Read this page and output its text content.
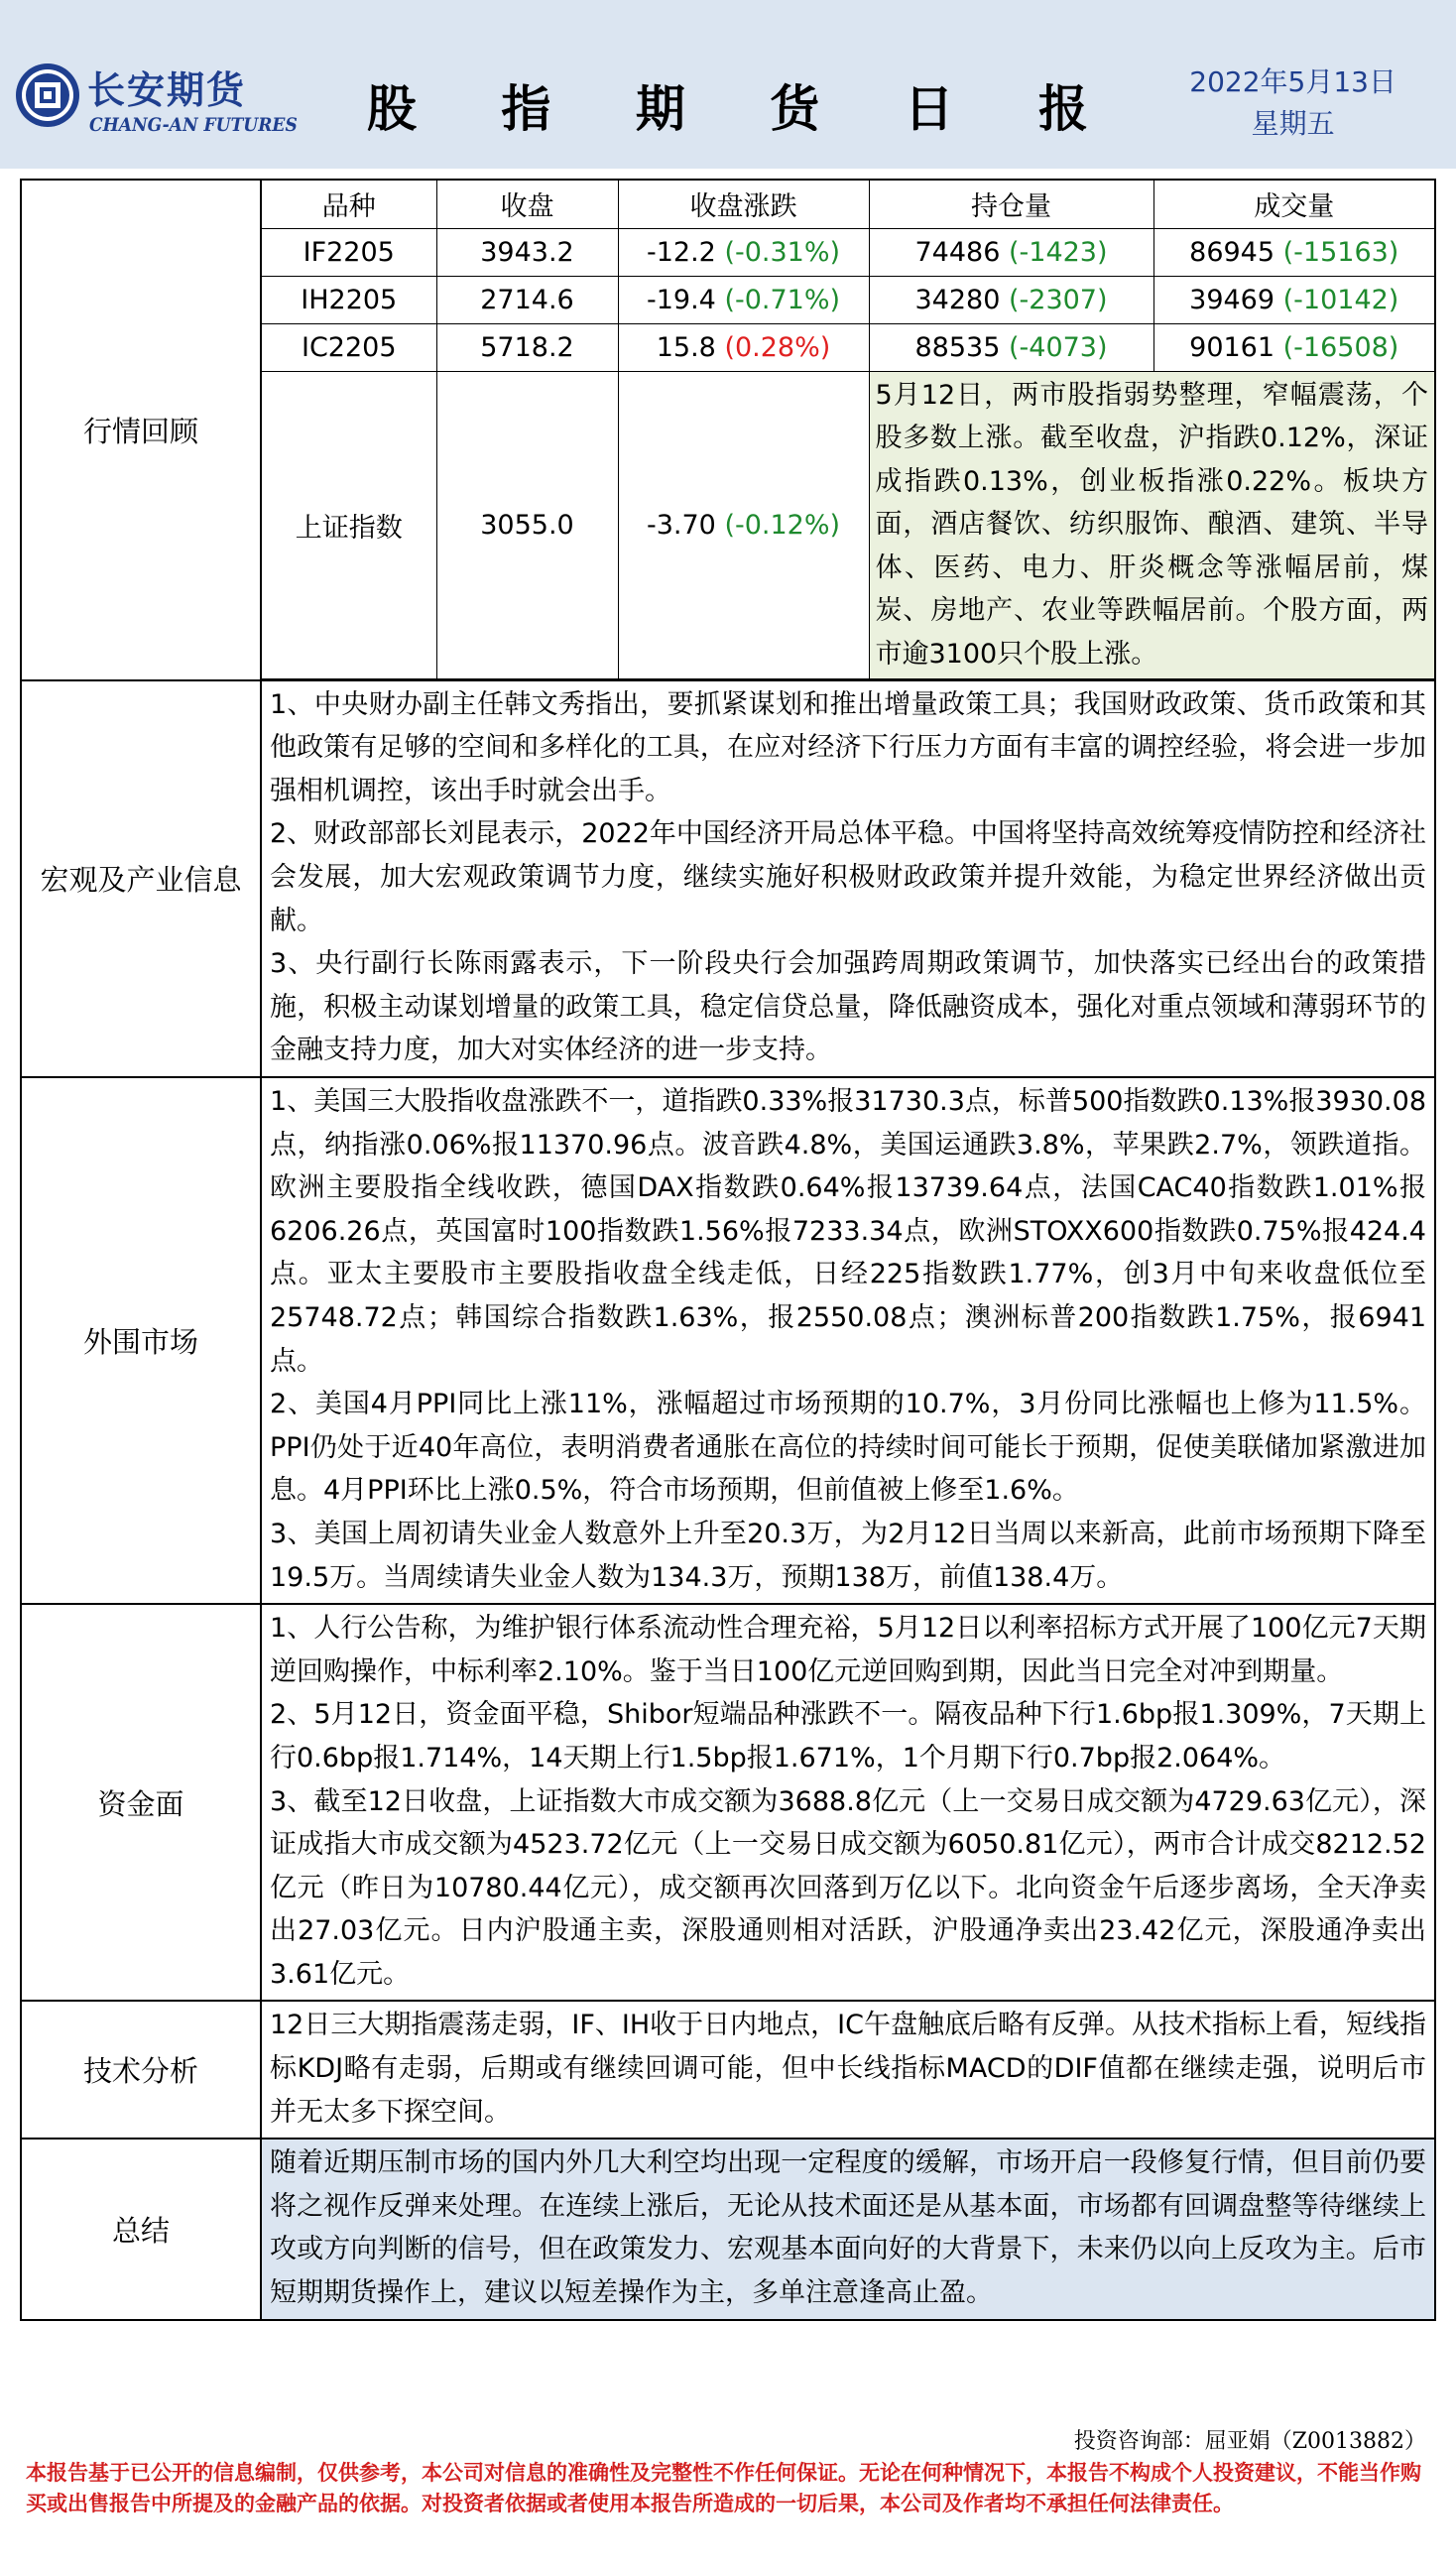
长安期货
CHANG-AN FUTURES 股 指 期 货 日 报 2022年5月13日
星期五
行情回顾
品种	收盘	收盘涨跌	持仓量	成交量
IF2205	3943.2	-12.2 (-0.31%)	74486 (-1423)	86945 (-15163)
IH2205	2714.6	-19.4 (-0.71%)	34280 (-2307)	39469 (-10142)
IC2205	5718.2	15.8 (0.28%)	88535 (-4073)	90161 (-16508)
上证指数	3055.0	-3.70 (-0.12%)	5月12日，两市股指弱势整理，窄幅震荡，个股多数上涨。截至收盘，沪指跌0.12%，深证成指跌0.13%，创业板指涨0.22%。板块方面，酒店餐饮、纺织服饰、酿酒、建筑、半导体、医药、电力、肝炎概念等涨幅居前，煤炭、房地产、农业等跌幅居前。个股方面，两市逾3100只个股上涨。	
宏观及产业信息

1、中央财办副主任韩文秀指出，要抓紧谋划和推出增量政策工具；我国财政政策、货币政策和其他政策有足够的空间和多样化的工具，在应对经济下行压力方面有丰富的调控经验，将会进一步加强相机调控，该出手时就会出手。

2、财政部部长刘昆表示，2022年中国经济开局总体平稳。中国将坚持高效统筹疫情防控和经济社会发展，加大宏观政策调节力度，继续实施好积极财政政策并提升效能，为稳定世界经济做出贡献。

3、央行副行长陈雨露表示，下一阶段央行会加强跨周期政策调节，加快落实已经出台的政策措施，积极主动谋划增量的政策工具，稳定信贷总量，降低融资成本，强化对重点领域和薄弱环节的金融支持力度，加大对实体经济的进一步支持。

外围市场

1、美国三大股指收盘涨跌不一，道指跌0.33%报31730.3点，标普500指数跌0.13%报3930.08点，纳指涨0.06%报11370.96点。波音跌4.8%，美国运通跌3.8%，苹果跌2.7%，领跌道指。欧洲主要股指全线收跌，德国DAX指数跌0.64%报13739.64点，法国CAC40指数跌1.01%报6206.26点，英国富时100指数跌1.56%报7233.34点，欧洲STOXX600指数跌0.75%报424.4点。亚太主要股市主要股指收盘全线走低，日经225指数跌1.77%，创3月中旬来收盘低位至25748.72点；韩国综合指数跌1.63%，报2550.08点；澳洲标普200指数跌1.75%，报6941点。

2、美国4月PPI同比上涨11%，涨幅超过市场预期的10.7%，3月份同比涨幅也上修为11.5%。PPI仍处于近40年高位，表明消费者通胀在高位的持续时间可能长于预期，促使美联储加紧激进加息。4月PPI环比上涨0.5%，符合市场预期，但前值被上修至1.6%。

3、美国上周初请失业金人数意外上升至20.3万，为2月12日当周以来新高，此前市场预期下降至19.5万。当周续请失业金人数为134.3万，预期138万，前值138.4万。

资金面

1、人行公告称，为维护银行体系流动性合理充裕，5月12日以利率招标方式开展了100亿元7天期逆回购操作，中标利率2.10%。鉴于当日100亿元逆回购到期，因此当日完全对冲到期量。

2、5月12日，资金面平稳，Shibor短端品种涨跌不一。隔夜品种下行1.6bp报1.309%，7天期上行0.6bp报1.714%，14天期上行1.5bp报1.671%，1个月期下行0.7bp报2.064%。

3、截至12日收盘，上证指数大市成交额为3688.8亿元（上一交易日成交额为4729.63亿元），深证成指大市成交额为4523.72亿元（上一交易日成交额为6050.81亿元），两市合计成交8212.52亿元（昨日为10780.44亿元），成交额再次回落到万亿以下。北向资金午后逐步离场，全天净卖出27.03亿元。日内沪股通主卖，深股通则相对活跃，沪股通净卖出23.42亿元，深股通净卖出3.61亿元。

技术分析

12日三大期指震荡走弱，IF、IH收于日内地点，IC午盘触底后略有反弹。从技术指标上看，短线指标KDJ略有走弱，后期或有继续回调可能，但中长线指标MACD的DIF值都在继续走强，说明后市并无太多下探空间。

总结

随着近期压制市场的国内外几大利空均出现一定程度的缓解，市场开启一段修复行情，但目前仍要将之视作反弹来处理。在连续上涨后，无论从技术面还是从基本面，市场都有回调盘整等待继续上攻或方向判断的信号，但在政策发力、宏观基本面向好的大背景下，未来仍以向上反攻为主。后市短期期货操作上，建议以短差操作为主，多单注意逢高止盈。

投资咨询部：屈亚娟（Z0013882）
本报告基于已公开的信息编制，仅供参考，本公司对信息的准确性及完整性不作任何保证。无论在何种情况下，本报告不构成个人投资建议，不能当作购买或出售报告中所提及的金融产品的依据。对投资者依据或者使用本报告所造成的一切后果，本公司及作者均不承担任何法律责任。
